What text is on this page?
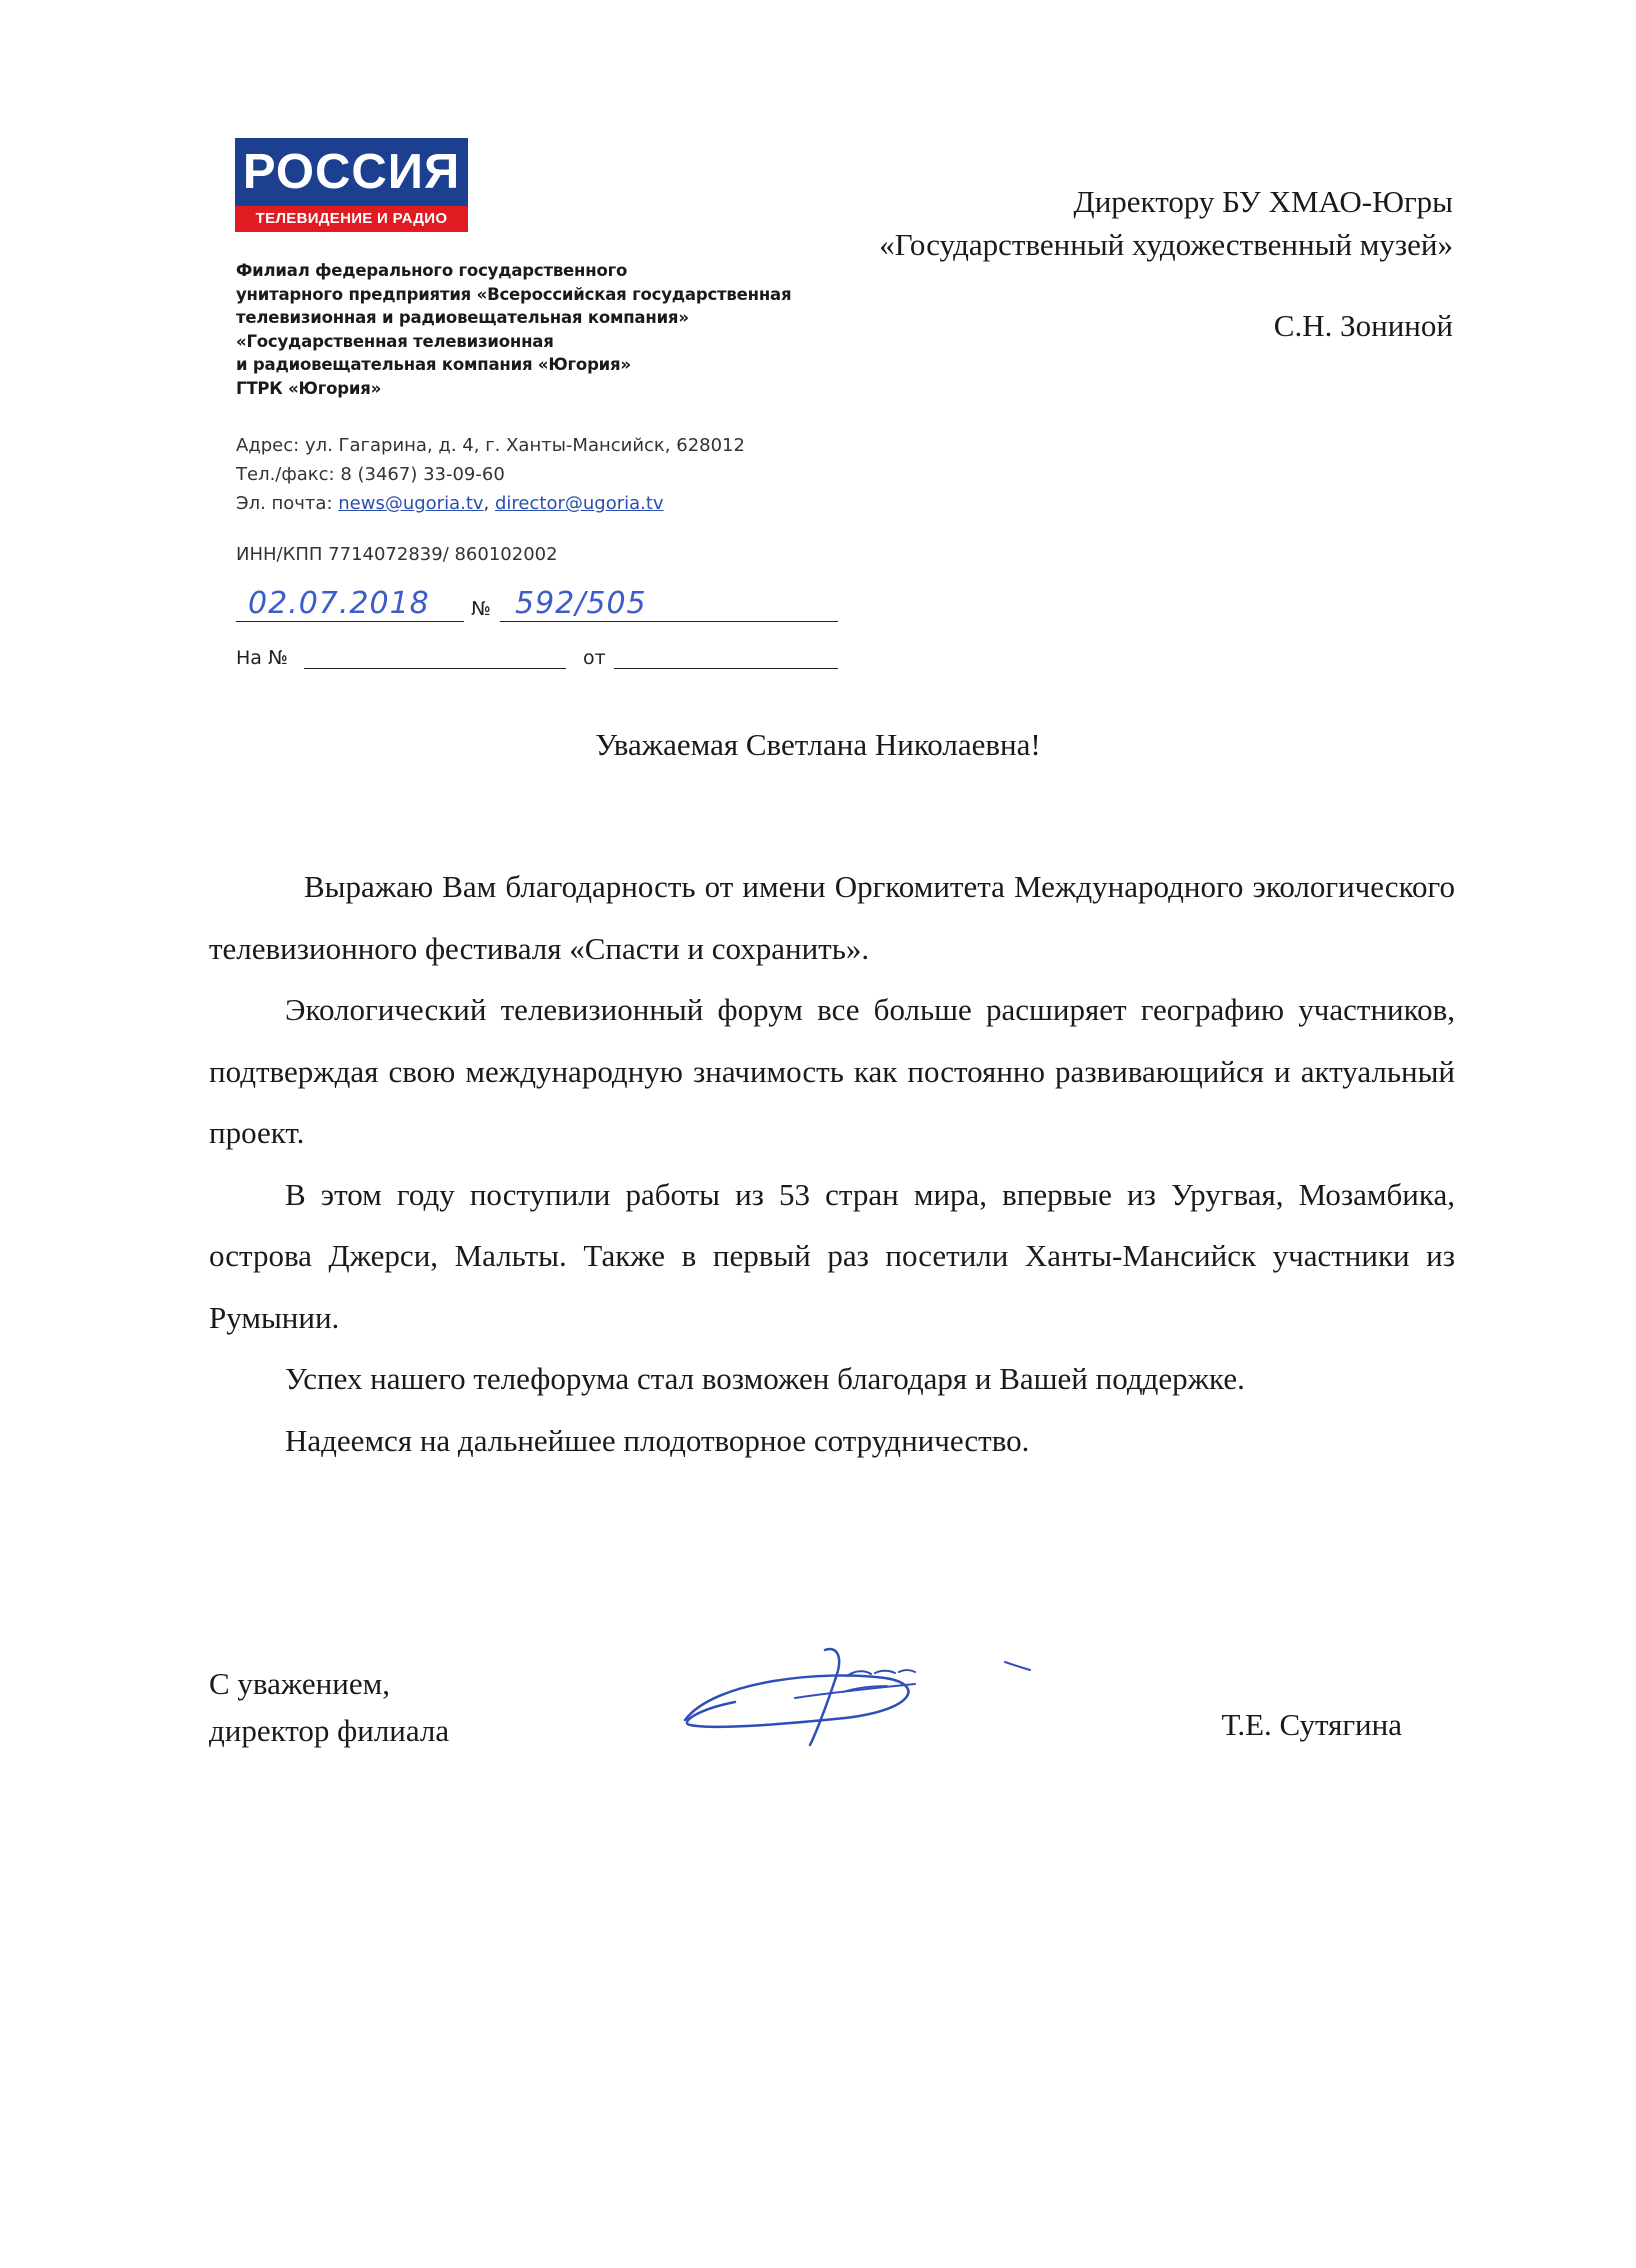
РОССИЯ
ТЕЛЕВИДЕНИЕ И РАДИО
Филиал федерального государственного
унитарного предприятия «Всероссийская государственная
телевизионная и радиовещательная компания»
«Государственная телевизионная
и радиовещательная компания «Югория»
ГТРК «Югория»
Адрес: ул. Гагарина, д. 4, г. Ханты-Мансийск, 628012
Тел./факс: 8 (3467) 33-09-60
Эл. почта: news@ugoria.tv, director@ugoria.tv
ИНН/КПП 7714072839/ 860102002
02.07.2018 № 592/505
На №	от
Директору БУ ХМАО-Югры
«Государственный художественный музей»
С.Н. Зониной
Уважаемая Светлана Николаевна!

Выражаю Вам благодарность от имени Оргкомитета Международного экологического телевизионного фестиваля «Спасти и сохранить».

Экологический телевизионный форум все больше расширяет географию участников, подтверждая свою международную значимость как постоянно развивающийся и актуальный проект.

В этом году поступили работы из 53 стран мира, впервые из Уругвая, Мозамбика, острова Джерси, Мальты. Также в первый раз посетили Ханты-Мансийск участники из Румынии.

Успех нашего телефорума стал возможен благодаря и Вашей поддержке.

Надеемся на дальнейшее плодотворное сотрудничество.

С уважением,
директор филиала	Т.Е. Сутягина
